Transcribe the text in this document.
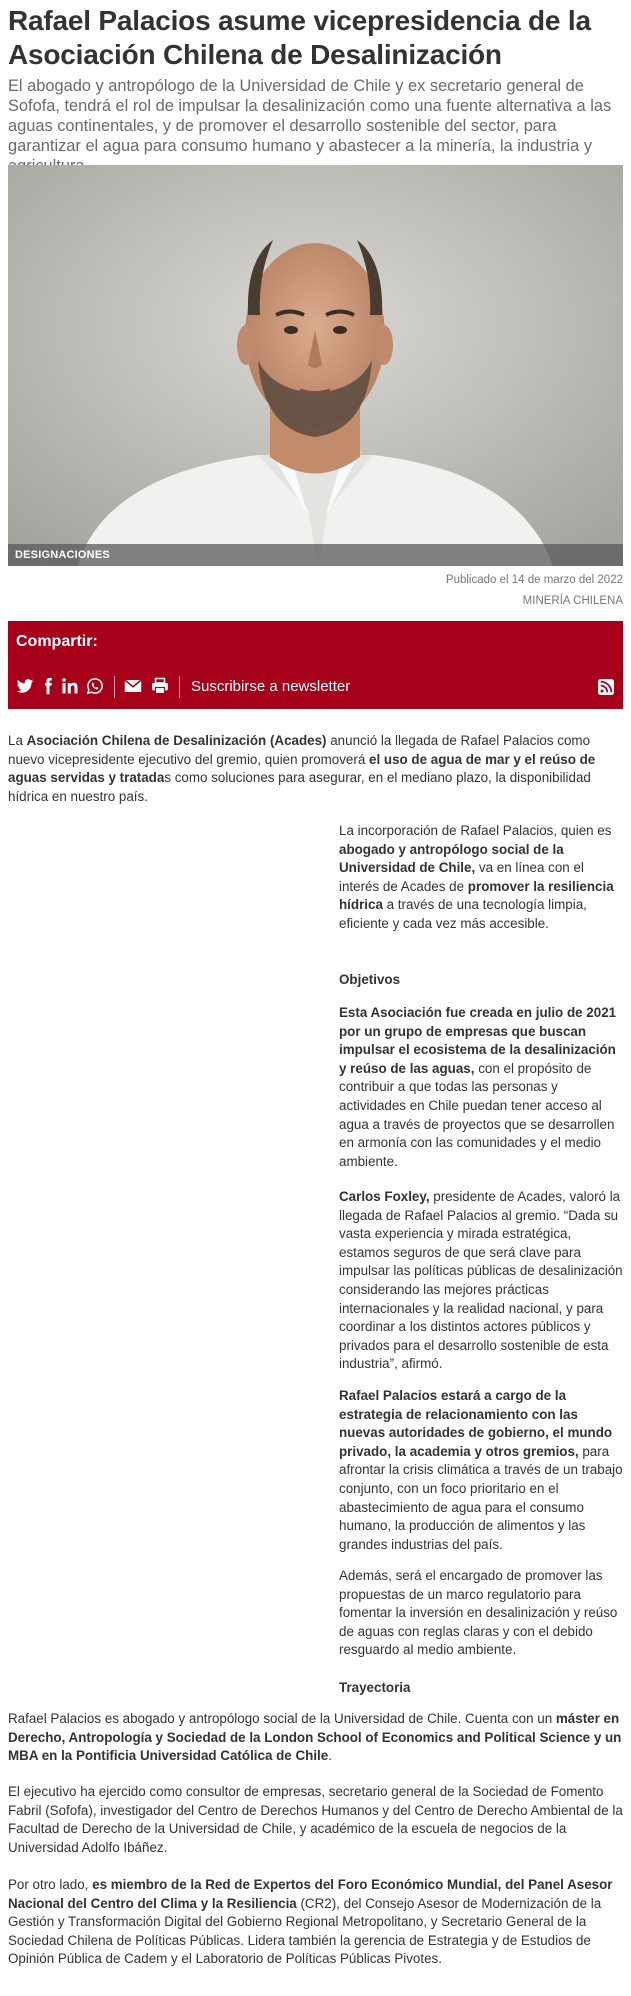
Rafael Palacios asume vicepresidencia de la Asociación Chilena de Desalinización

El abogado y antropólogo de la Universidad de Chile y ex secretario general de Sofofa, tendrá el rol de impulsar la desalinización como una fuente alternativa a las aguas continentales, y de promover el desarrollo sostenible del sector, para garantizar el agua para consumo humano y abastecer a la minería, la industria y

DESIGNACIONES
Publicado el 14 de marzo del 2022
MINERÍA CHILENA
Compartir:
Suscribirse a newsletter

La Asociación Chilena de Desalinización (Acades) anunció la llegada de Rafael Palacios como nuevo vicepresidente ejecutivo del gremio, quien promoverá el uso de agua de mar y el reúso de aguas servidas y tratadas como soluciones para asegurar, en el mediano plazo, la disponibilidad hídrica en nuestro país.

La incorporación de Rafael Palacios, quien es abogado y antropólogo social de la Universidad de Chile, va en línea con el interés de Acades de promover la resiliencia hídrica a través de una tecnología limpia, eficiente y cada vez más accesible.

Objetivos

Esta Asociación fue creada en julio de 2021 por un grupo de empresas que buscan impulsar el ecosistema de la desalinización y reúso de las aguas, con el propósito de contribuir a que todas las personas y actividades en Chile puedan tener acceso al agua a través de proyectos que se desarrollen en armonía con las comunidades y el medio ambiente.

Carlos Foxley, presidente de Acades, valoró la llegada de Rafael Palacios al gremio. “Dada su vasta experiencia y mirada estratégica, estamos seguros de que será clave para impulsar las políticas públicas de desalinización considerando las mejores prácticas internacionales y la realidad nacional, y para coordinar a los distintos actores públicos y privados para el desarrollo sostenible de esta industria”, afirmó.

Rafael Palacios estará a cargo de la estrategia de relacionamiento con las nuevas autoridades de gobierno, el mundo privado, la academia y otros gremios, para afrontar la crisis climática a través de un trabajo conjunto, con un foco prioritario en el abastecimiento de agua para el consumo humano, la producción de alimentos y las grandes industrias del país.

Además, será el encargado de promover las propuestas de un marco regulatorio para fomentar la inversión en desalinización y reúso de aguas con reglas claras y con el debido resguardo al medio ambiente.

Trayectoria

Rafael Palacios es abogado y antropólogo social de la Universidad de Chile. Cuenta con un máster en Derecho, Antropología y Sociedad de la London School of Economics and Political Science y un MBA en la Pontificia Universidad Católica de Chile.

El ejecutivo ha ejercido como consultor de empresas, secretario general de la Sociedad de Fomento Fabril (Sofofa), investigador del Centro de Derechos Humanos y del Centro de Derecho Ambiental de la Facultad de Derecho de la Universidad de Chile, y académico de la escuela de negocios de la Universidad Adolfo Ibáñez.

Por otro lado, es miembro de la Red de Expertos del Foro Económico Mundial, del Panel Asesor Nacional del Centro del Clima y la Resiliencia (CR2), del Consejo Asesor de Modernización de la Gestión y Transformación Digital del Gobierno Regional Metropolitano, y Secretario General de la Sociedad Chilena de Políticas Públicas. Lidera también la gerencia de Estrategia y de Estudios de Opinión Pública de Cadem y el Laboratorio de Políticas Públicas Pivotes.
